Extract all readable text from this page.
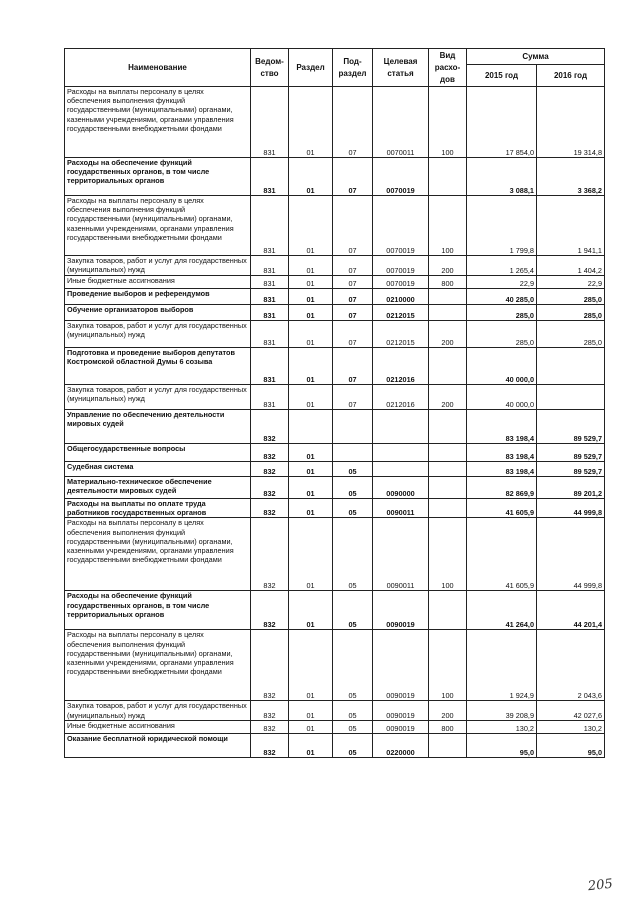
Наименование	Ведом-ство	Раздел	Под-раздел	Целевая статья	Вид расхо-дов	Сумма	
						2015 год	2016 год
Расходы на выплаты персоналу в целях обеспечения выполнения функций государственными (муниципальными) органами, казенными учреждениями, органами управления государственными внебюджетными фондами	831	01	07	0070011	100	17 854,0	19 314,8
Расходы на обеспечение функций государственных органов, в том числе территориальных органов	831	01	07	0070019		3 088,1	3 368,2
Расходы на выплаты персоналу в целях обеспечения выполнения функций государственными (муниципальными) органами, казенными учреждениями, органами управления государственными внебюджетными фондами	831	01	07	0070019	100	1 799,8	1 941,1
Закупка товаров, работ и услуг для государственных (муниципальных) нужд	831	01	07	0070019	200	1 265,4	1 404,2
Иные бюджетные ассигнования	831	01	07	0070019	800	22,9	22,9
Проведение выборов и референдумов	831	01	07	0210000		40 285,0	285,0
Обучение организаторов выборов	831	01	07	0212015		285,0	285,0
Закупка товаров, работ и услуг для государственных (муниципальных) нужд	831	01	07	0212015	200	285,0	285,0
Подготовка и проведение выборов депутатов Костромской областной Думы 6 созыва	831	01	07	0212016		40 000,0	
Закупка товаров, работ и услуг для государственных (муниципальных) нужд	831	01	07	0212016	200	40 000,0	
Управление по обеспечению деятельности мировых судей	832					83 198,4	89 529,7
Общегосударственные вопросы	832	01				83 198,4	89 529,7
Судебная система	832	01	05			83 198,4	89 529,7
Материально-техническое обеспечение деятельности мировых судей	832	01	05	0090000		82 869,9	89 201,2
Расходы на выплаты по оплате труда работников государственных органов	832	01	05	0090011		41 605,9	44 999,8
Расходы на выплаты персоналу в целях обеспечения выполнения функций государственными (муниципальными) органами, казенными учреждениями, органами управления государственными внебюджетными фондами	832	01	05	0090011	100	41 605,9	44 999,8
Расходы на обеспечение функций государственных органов, в том числе территориальных органов	832	01	05	0090019		41 264,0	44 201,4
Расходы на выплаты персоналу в целях обеспечения выполнения функций государственными (муниципальными) органами, казенными учреждениями, органами управления государственными внебюджетными фондами	832	01	05	0090019	100	1 924,9	2 043,6
Закупка товаров, работ и услуг для государственных (муниципальных) нужд	832	01	05	0090019	200	39 208,9	42 027,6
Иные бюджетные ассигнования	832	01	05	0090019	800	130,2	130,2
Оказание бесплатной юридической помощи	832	01	05	0220000		95,0	95,0
205
